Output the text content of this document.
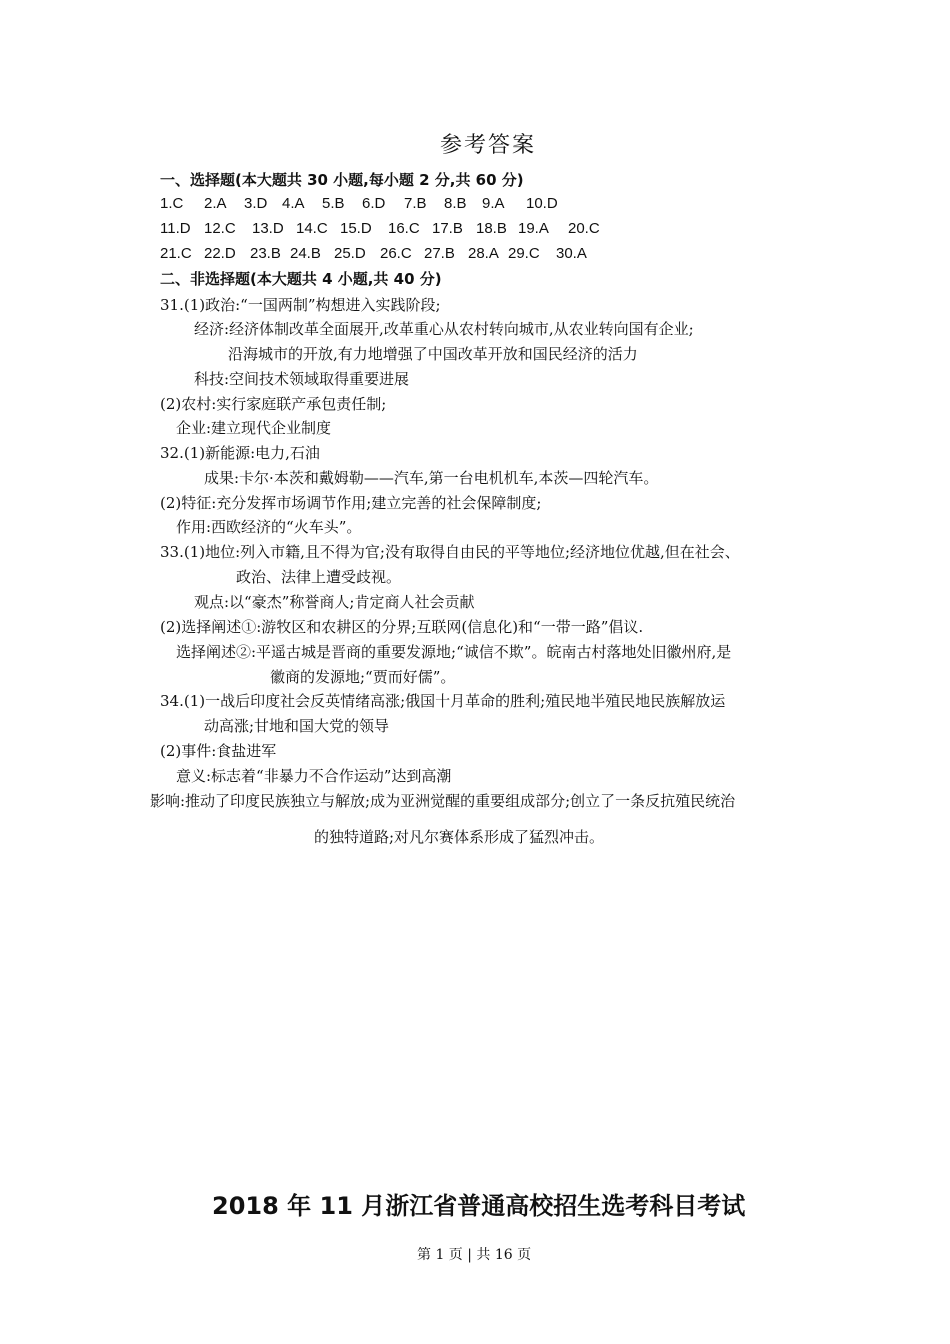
参考答案
一、选择题(本大题共 30 小题,每小题 2 分,共 60 分)
1.C	2.A	3.D 4.A	5.B	6.D	7.B	8.B	9.A	10.D
11.D 12.C	13.D 14.C 15.D	16.C 17.B 18.B 19.A	20.C
21.C 22.D 23.B 24.B 25.D 26.C 27.B 28.A 29.C	30.A
二、非选择题(本大题共 4 小题,共 40 分)
31.(1)政治:“一国两制”构想进入实践阶段;
经济:经济体制改革全面展开,改革重心从农村转向城市,从农业转向国有企业;
沿海城市的开放,有力地增强了中国改革开放和国民经济的活力
科技:空间技术领域取得重要进展
(2)农村:实行家庭联产承包责任制;
企业:建立现代企业制度
32.(1)新能源:电力,石油
成果:卡尔·本茨和戴姆勒——汽车,第一台电机机车,本茨—四轮汽车。
(2)特征:充分发挥市场调节作用;建立完善的社会保障制度;
作用:西欧经济的“火车头”。
33.(1)地位:列入市籍,且不得为官;没有取得自由民的平等地位;经济地位优越,但在社会、
政治、法律上遭受歧视。
观点:以“豪杰”称誉商人;肯定商人社会贡献
(2)选择阐述①:游牧区和农耕区的分界;互联网(信息化)和“一带一路”倡议.
选择阐述②:平遥古城是晋商的重要发源地;“诚信不欺”。皖南古村落地处旧徽州府,是
徽商的发源地;“贾而好儒”。
34.(1)一战后印度社会反英情绪高涨;俄国十月革命的胜利;殖民地半殖民地民族解放运
动高涨;甘地和国大党的领导
(2)事件:食盐进军
意义:标志着“非暴力不合作运动”达到高潮
影响:推动了印度民族独立与解放;成为亚洲觉醒的重要组成部分;创立了一条反抗殖民统治
的独特道路;对凡尔赛体系形成了猛烈冲击。
2018 年 11 月浙江省普通高校招生选考科目考试
第 1 页 | 共 16 页
